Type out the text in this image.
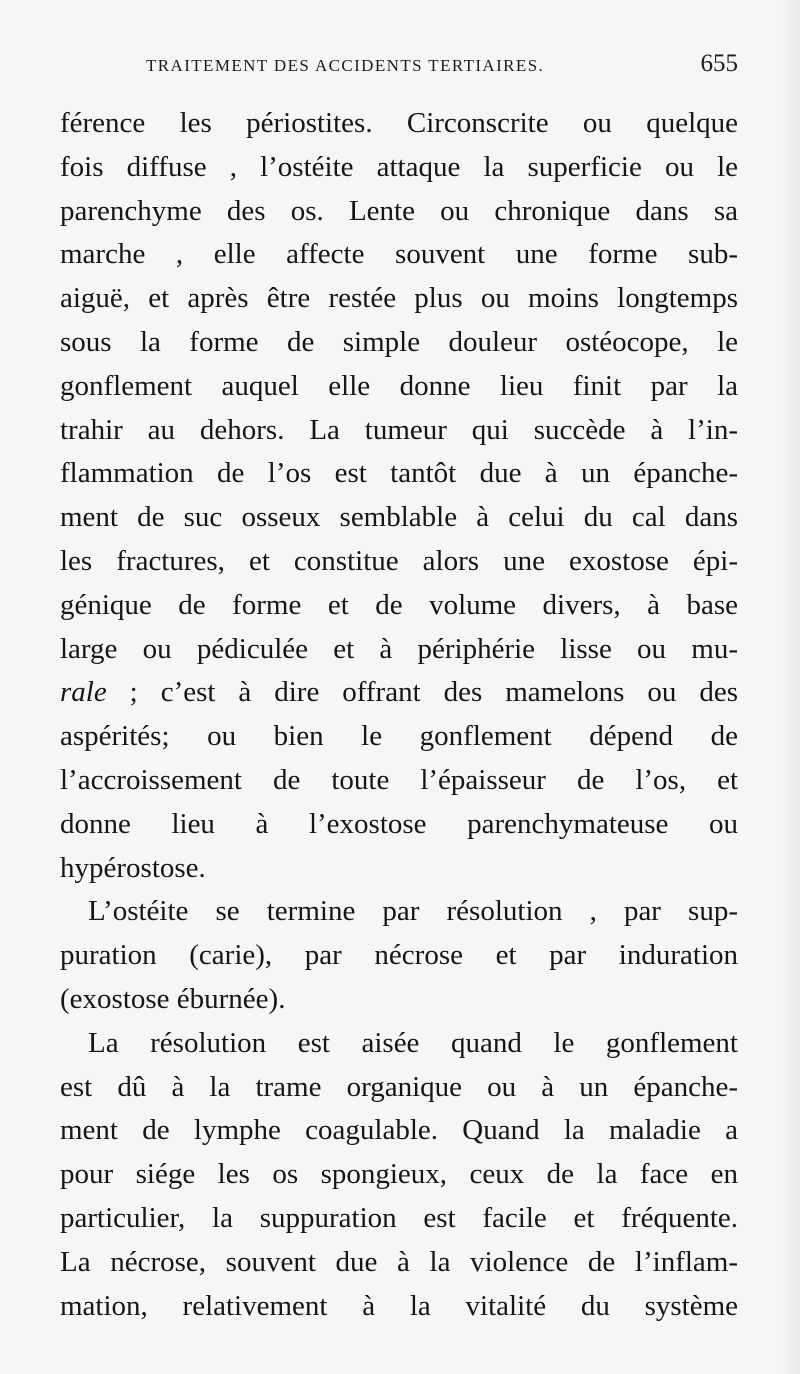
TRAITEMENT DES ACCIDENTS TERTIAIRES.	655
férence les périostites. Circonscrite ou quelque
fois diffuse , l’ostéite attaque la superficie ou le
parenchyme des os. Lente ou chronique dans sa
marche , elle affecte souvent une forme sub-
aiguë, et après être restée plus ou moins longtemps
sous la forme de simple douleur ostéocope, le
gonflement auquel elle donne lieu finit par la
trahir au dehors. La tumeur qui succède à l’in-
flammation de l’os est tantôt due à un épanche-
ment de suc osseux semblable à celui du cal dans
les fractures, et constitue alors une exostose épi-
génique de forme et de volume divers, à base
large ou pédiculée et à périphérie lisse ou mu-
rale ; c’est à dire offrant des mamelons ou des
aspérités; ou bien le gonflement dépend de
l’accroissement de toute l’épaisseur de l’os, et
donne lieu à l’exostose parenchymateuse ou
hypérostose.
L’ostéite se termine par résolution , par sup-
puration (carie), par nécrose et par induration
(exostose éburnée).
La résolution est aisée quand le gonflement
est dû à la trame organique ou à un épanche-
ment de lymphe coagulable. Quand la maladie a
pour siége les os spongieux, ceux de la face en
particulier, la suppuration est facile et fréquente.
La nécrose, souvent due à la violence de l’inflam-
mation, relativement à la vitalité du système
